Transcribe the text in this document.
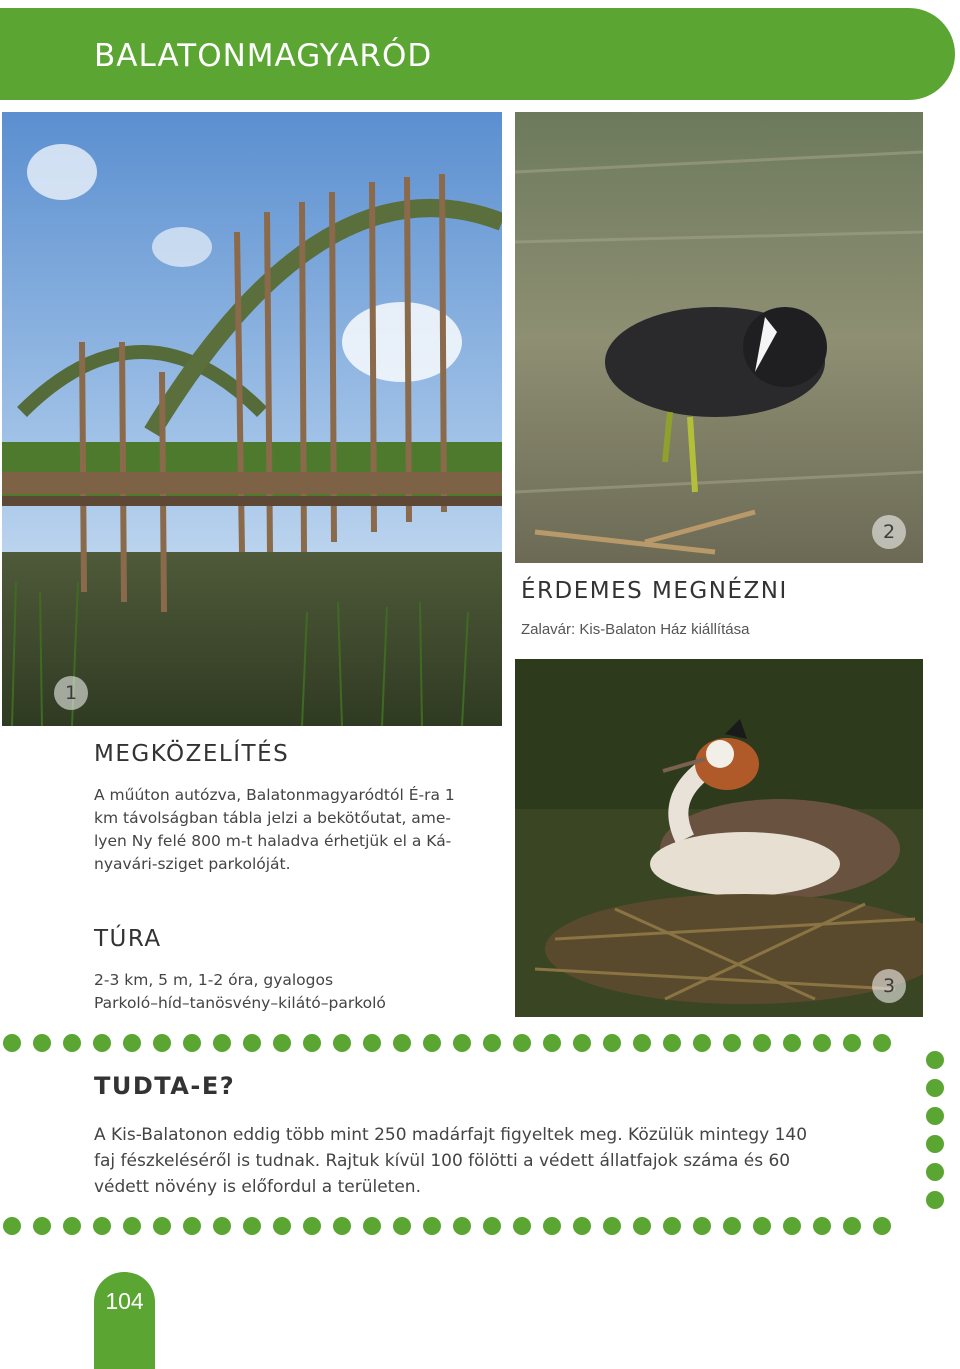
BALATONMAGYARÓD
1
2
ÉRDEMES MEGNÉZNI
Zalavár: Kis-Balaton Ház kiállítása
3
MEGKÖZELÍTÉS
A műúton autózva, Balatonmagyaródtól É-ra 1
km távolságban tábla jelzi a bekötőutat, ame-
lyen Ny felé 800 m-t haladva érhetjük el a Ká-
nyavári-sziget parkolóját.
TÚRA
2-3 km, 5 m, 1-2 óra, gyalogos
Parkoló–híd–tanösvény–kilátó–parkoló
TUDTA-E?
A Kis-Balatonon eddig több mint 250 madárfajt figyeltek meg. Közülük mintegy 140
faj fészkeléséről is tudnak. Rajtuk kívül 100 fölötti a védett állatfajok száma és 60
védett növény is előfordul a területen.
104
